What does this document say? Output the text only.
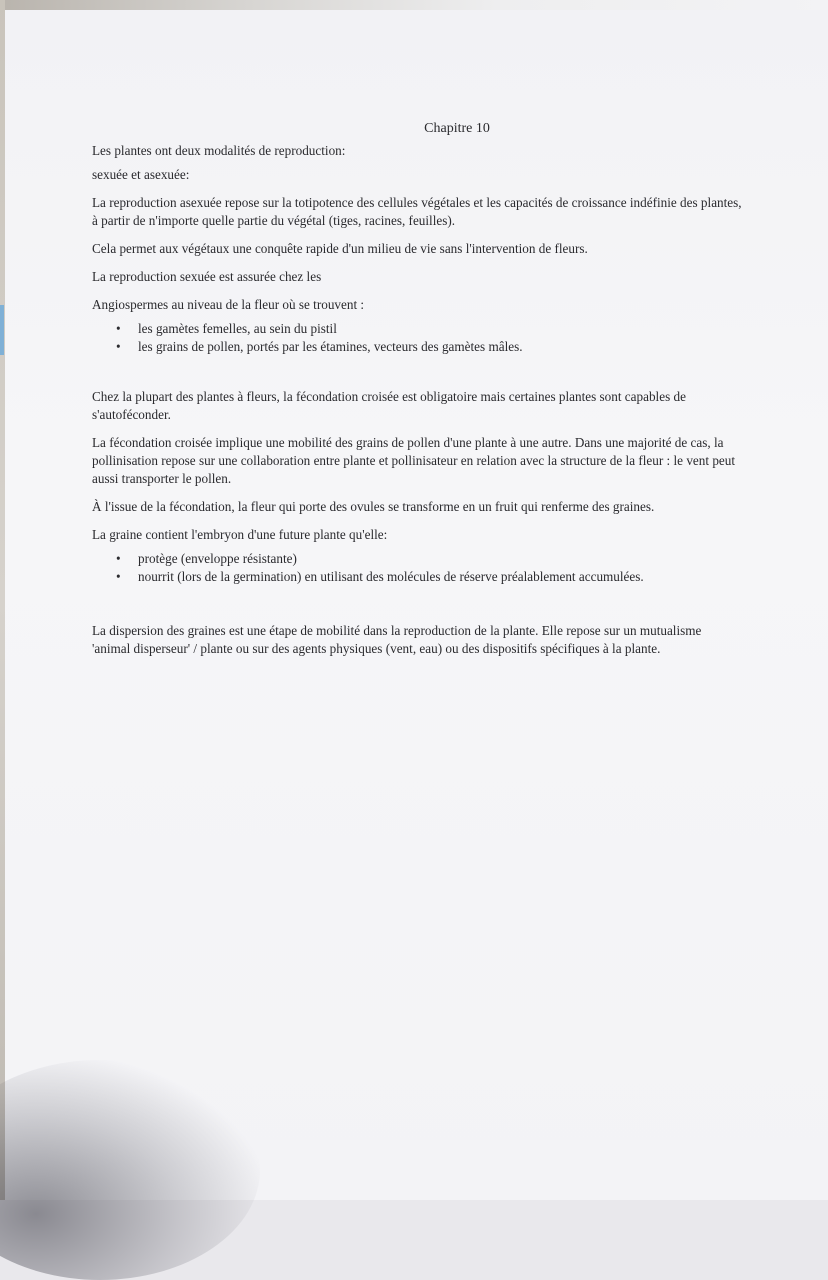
Chapitre 10

Les plantes ont deux modalités de reproduction:

sexuée et asexuée:

La reproduction asexuée repose sur la totipotence des cellules végétales et les capacités de croissance indéfinie des plantes, à partir de n'importe quelle partie du végétal (tiges, racines, feuilles).

Cela permet aux végétaux une conquête rapide d'un milieu de vie sans l'intervention de fleurs.

La reproduction sexuée est assurée chez les

Angiospermes au niveau de la fleur où se trouvent :

• les gamètes femelles, au sein du pistil
• les grains de pollen, portés par les étamines, vecteurs des gamètes mâles.

Chez la plupart des plantes à fleurs, la fécondation croisée est obligatoire mais certaines plantes sont capables de s'autoféconder.

La fécondation croisée implique une mobilité des grains de pollen d'une plante à une autre. Dans une majorité de cas, la pollinisation repose sur une collaboration entre plante et pollinisateur en relation avec la structure de la fleur : le vent peut aussi transporter le pollen.

À l'issue de la fécondation, la fleur qui porte des ovules se transforme en un fruit qui renferme des graines.

La graine contient l'embryon d'une future plante qu'elle:

• protège (enveloppe résistante)
• nourrit (lors de la germination) en utilisant des molécules de réserve préalablement accumulées.

La dispersion des graines est une étape de mobilité dans la reproduction de la plante. Elle repose sur un mutualisme 'animal disperseur' / plante ou sur des agents physiques (vent, eau) ou des dispositifs spécifiques à la plante.
